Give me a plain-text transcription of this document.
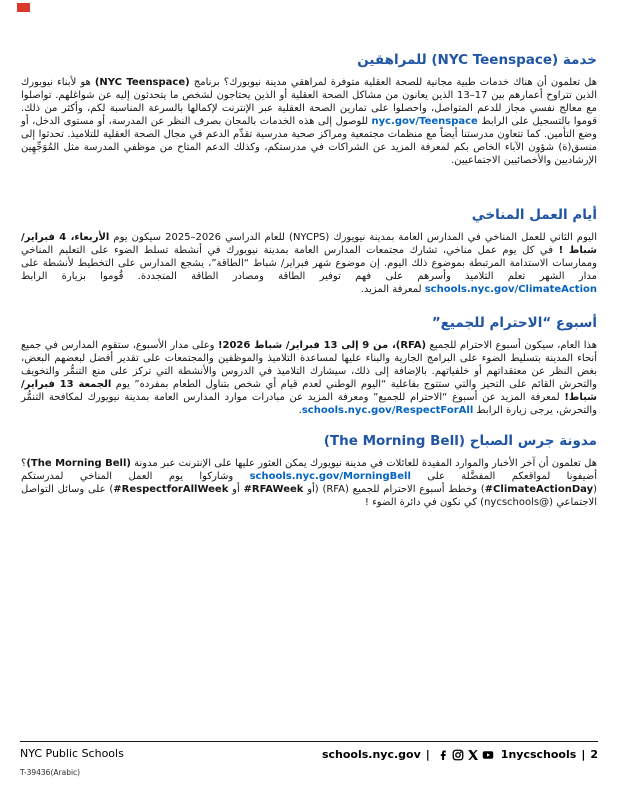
خدمة (NYC Teenspace) للمراهقين

هل تعلمون أن هناك خدمات طبية مجانية للصحة العقلية متوفرة لمراهقي مدينة نيويورك؟ برنامج (NYC Teenspace) هو لأبناء نيويورك الذين تتراوح أعمارهم بين 13‎–‎17 الذين يعانون من مشاكل الصحة العقلية أو الذين يحتاجون لشخص ما يتحدثون إليه عن شواغلهم. تواصلوا مع معالج نفسي مجاز للدعم المتواصل، واحصلوا على تمارين الصحة العقلية عبر الإنترنت لإكمالها بالسرعة المناسبة لكم، وأكثر من ذلك. قوموا بالتسجيل على الرابط nyc.gov/Teenspace للوصول إلى هذه الخدمات بالمجان بصرف النظر عن المدرسة، أو مستوى الدخل، أو وضع التأمين. كما تتعاون مدرستنا أيضاً مع منظمات مجتمعية ومراكز صحية مدرسية تقدِّم الدعم في مجال الصحة العقلية للتلاميذ. تحدثوا إلى منسق(ة) شؤون الآباء الخاص بكم لمعرفة المزيد عن الشراكات في مدرستكم، وكذلك الدعم المتاح من موظفي المدرسة مثل المُوَجِّهِين الإرشاديين والأخصائيين الاجتماعيين.

أيام العمل المناخي

اليوم الثاني للعمل المناخي في المدارس العامة بمدينة نيويورك (NYCPS) للعام الدراسي 2025‎–‎2026 سيكون يوم الأربعاء، 4 فبراير/ شباط ! في كل يوم عمل مناخي، تشارك مجتمعات المدارس العامة بمدينة نيويورك في أنشطة تسلط الضوء على التعليم المناخي وممارسات الاستدامة المرتبطة بموضوع ذلك اليوم. إن موضوع شهر فبراير/ شباط “الطاقة”، يشجع المدارس على التخطيط لأنشطة على مدار الشهر تعلم التلاميذ وأسرهم على فهم توفير الطاقة ومصادر الطاقة المتجددة. قُوموا بزيارة الرابط schools.nyc.gov/ClimateAction لمعرفة المزيد.

أسبوع “الاحترام للجميع”

هذا العام، سيكون أسبوع الاحترام للجميع (RFA)، من 9 إلى 13 فبراير/ شباط 2026! وعلى مدار الأسبوع، ستقوم المدارس في جميع أنحاء المدينة بتسليط الضوء على البرامج الجارية والبناء عليها لمساعدة التلاميذ والموظفين والمجتمعات على تقدير أفضل لبعضهم البعض، بغض النظر عن معتقداتهم أو خلفياتهم. بالإضافة إلى ذلك، سيشارك التلاميذ في الدروس والأنشطة التي تركز على منع التنمُّر والتخويف والتحرش القائم على التحيز والتي ستتوج بفاعلية “اليوم الوطني لعدم قيام أي شخص بتناول الطعام بمفرده” يوم الجمعة 13 فبراير/ شباط! لمعرفة المزيد عن أسبوع “الاحترام للجميع” ومعرفة المزيد عن مبادرات موارد المدارس العامة بمدينة نيويورك لمكافحة التنمُّر والتحرش، يرجى زيارة الرابط schools.nyc.gov/RespectForAll.

مدونة جرس الصباح (The Morning Bell)

هل تعلمون أن آخر الأخبار والموارد المفيدة للعائلات في مدينة نيويورك يمكن العثور عليها على الإنترنت عبر مدونة (The Morning Bell)؟ أضيفونا لمواقعكم المفضَّلة على schools.nyc.gov/MorningBell وشاركوا يوم العمل المناخي لمدرستكم (#ClimateActionDay) وخطط أسبوع الاحترام للجميع (RFA) (أو #RFAWeek أو #RespectforAllWeek) على وسائل التواصل الاجتماعي (@nycschools) كي نكون في دائرة الضوء !

NYC Public Schools
T-39436(Arabic)
schools.nyc.gov |	1nycschools | 2
